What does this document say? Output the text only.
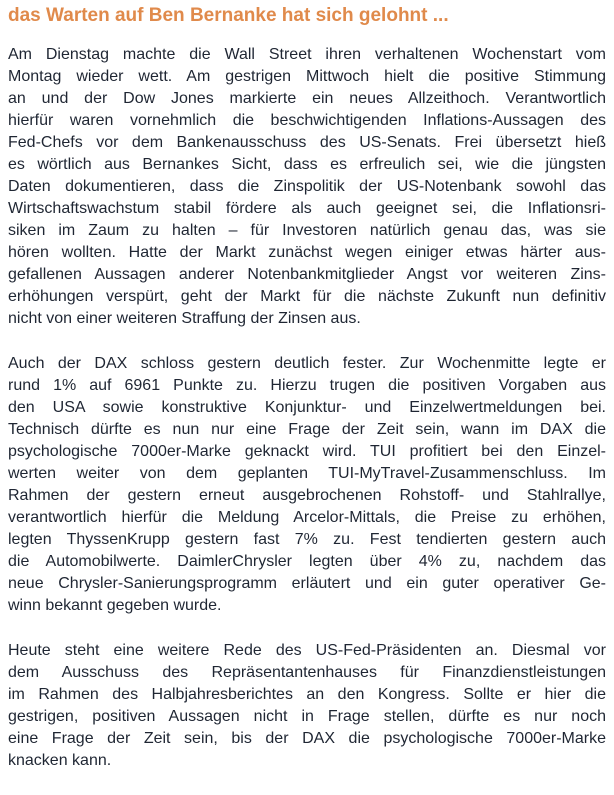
das Warten auf Ben Bernanke hat sich gelohnt ...

Am Dienstag machte die Wall Street ihren verhaltenen Wochenstart vom
Montag wieder wett. Am gestrigen Mittwoch hielt die positive Stimmung
an und der Dow Jones markierte ein neues Allzeithoch. Verantwortlich
hierfür waren vornehmlich die beschwichtigenden Inflations-Aussagen des
Fed-Chefs vor dem Bankenausschuss des US-Senats. Frei übersetzt hieß
es wörtlich aus Bernankes Sicht, dass es erfreulich sei, wie die jüngsten
Daten dokumentieren, dass die Zinspolitik der US-Notenbank sowohl das
Wirtschaftswachstum stabil fördere als auch geeignet sei, die Inflationsri-
siken im Zaum zu halten – für Investoren natürlich genau das, was sie
hören wollten. Hatte der Markt zunächst wegen einiger etwas härter aus-
gefallenen Aussagen anderer Notenbankmitglieder Angst vor weiteren Zins-
erhöhungen verspürt, geht der Markt für die nächste Zukunft nun definitiv
nicht von einer weiteren Straffung der Zinsen aus.

Auch der DAX schloss gestern deutlich fester. Zur Wochenmitte legte er
rund 1% auf 6961 Punkte zu. Hierzu trugen die positiven Vorgaben aus
den USA sowie konstruktive Konjunktur- und Einzelwertmeldungen bei.
Technisch dürfte es nun nur eine Frage der Zeit sein, wann im DAX die
psychologische 7000er-Marke geknackt wird. TUI profitiert bei den Einzel-
werten weiter von dem geplanten TUI-MyTravel-Zusammenschluss. Im
Rahmen der gestern erneut ausgebrochenen Rohstoff- und Stahlrallye,
verantwortlich hierfür die Meldung Arcelor-Mittals, die Preise zu erhöhen,
legten ThyssenKrupp gestern fast 7% zu. Fest tendierten gestern auch
die Automobilwerte. DaimlerChrysler legten über 4% zu, nachdem das
neue Chrysler-Sanierungsprogramm erläutert und ein guter operativer Ge-
winn bekannt gegeben wurde.

Heute steht eine weitere Rede des US-Fed-Präsidenten an. Diesmal vor
dem Ausschuss des Repräsentantenhauses für Finanzdienstleistungen
im Rahmen des Halbjahresberichtes an den Kongress. Sollte er hier die
gestrigen, positiven Aussagen nicht in Frage stellen, dürfte es nur noch
eine Frage der Zeit sein, bis der DAX die psychologische 7000er-Marke
knacken kann.
